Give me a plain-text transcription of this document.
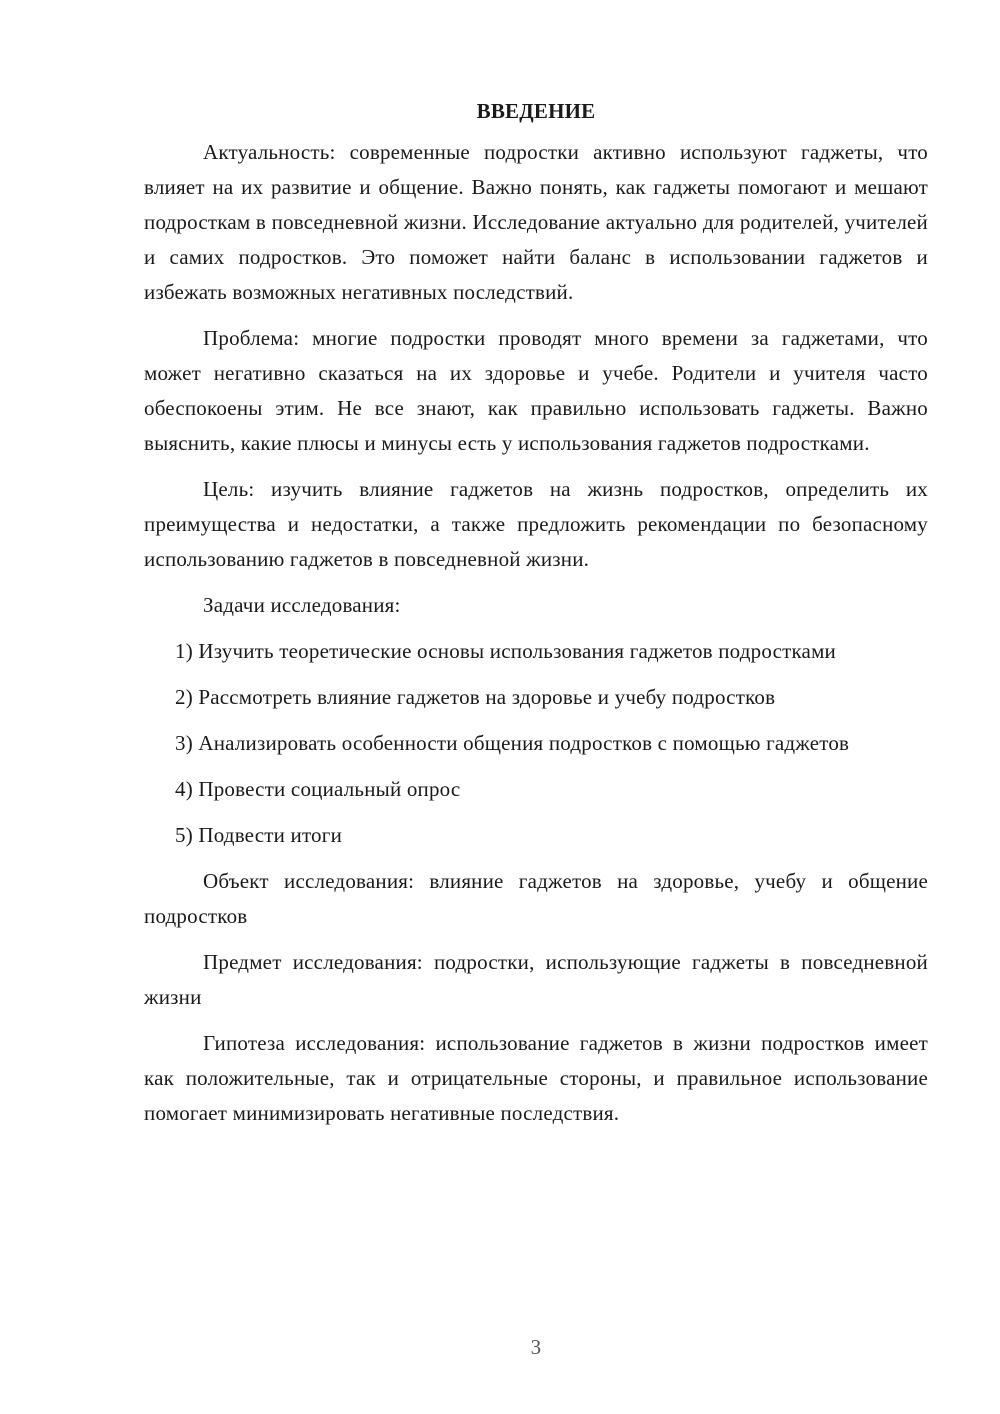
ВВЕДЕНИЕ

Актуальность: современные подростки активно используют гаджеты, что влияет на их развитие и общение. Важно понять, как гаджеты помогают и мешают подросткам в повседневной жизни. Исследование актуально для родителей, учителей и самих подростков. Это поможет найти баланс в использовании гаджетов и избежать возможных негативных последствий.

Проблема: многие подростки проводят много времени за гаджетами, что может негативно сказаться на их здоровье и учебе. Родители и учителя часто обеспокоены этим. Не все знают, как правильно использовать гаджеты. Важно выяснить, какие плюсы и минусы есть у использования гаджетов подростками.

Цель: изучить влияние гаджетов на жизнь подростков, определить их преимущества и недостатки, а также предложить рекомендации по безопасному использованию гаджетов в повседневной жизни.

Задачи исследования:

1) Изучить теоретические основы использования гаджетов подростками

2) Рассмотреть влияние гаджетов на здоровье и учебу подростков

3) Анализировать особенности общения подростков с помощью гаджетов

4) Провести социальный опрос

5) Подвести итоги

Объект исследования: влияние гаджетов на здоровье, учебу и общение подростков

Предмет исследования: подростки, использующие гаджеты в повседневной жизни

Гипотеза исследования: использование гаджетов в жизни подростков имеет как положительные, так и отрицательные стороны, и правильное использование помогает минимизировать негативные последствия.

3
